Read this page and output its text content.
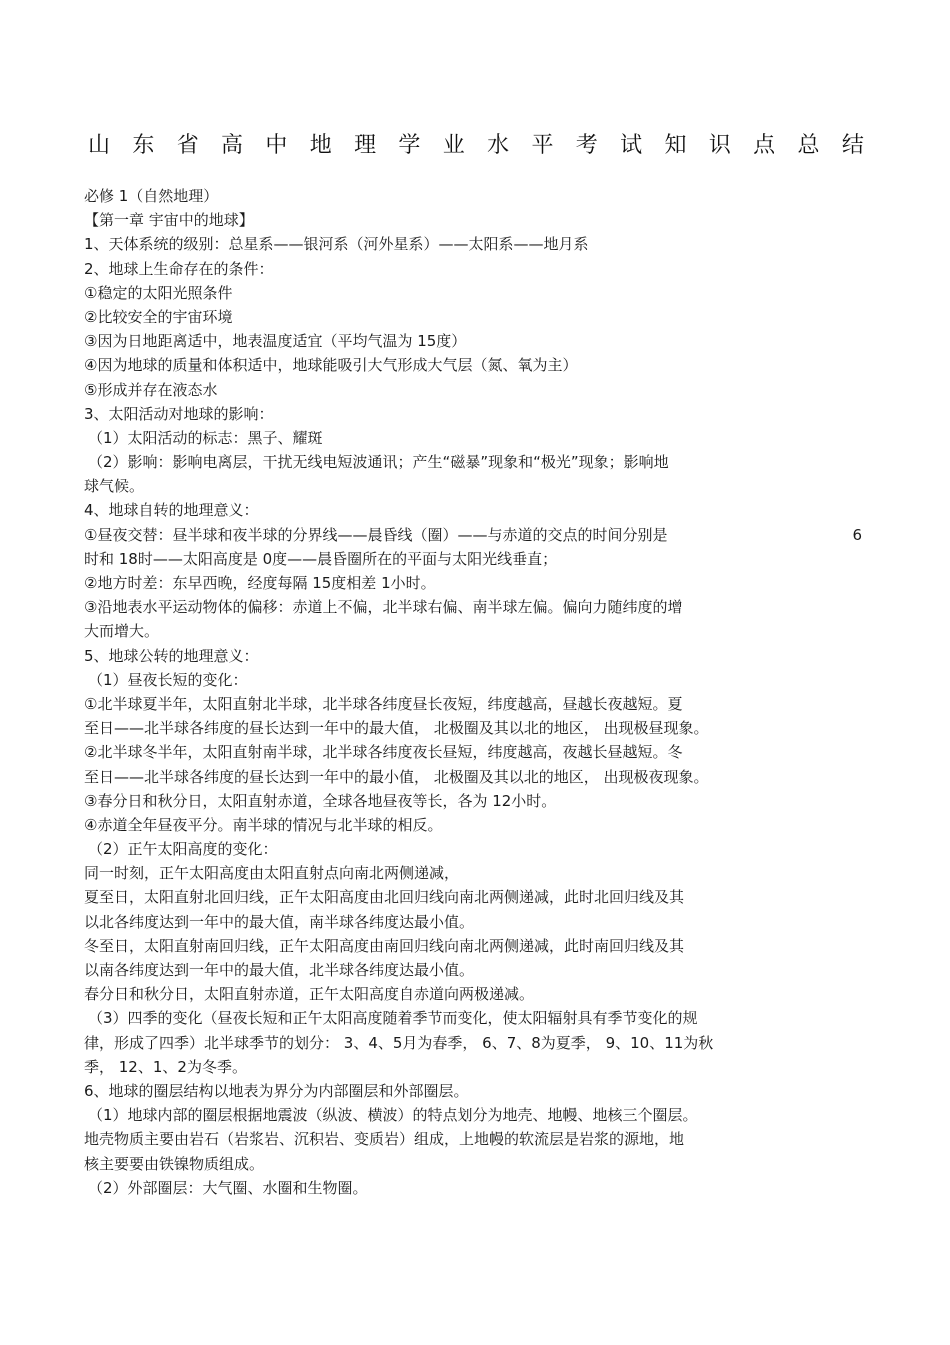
山 东 省 高 中 地 理 学 业 水 平 考 试 知 识 点 总 结
必修 1（自然地理）
【第一章 宇宙中的地球】
1、天体系统的级别：总星系——银河系（河外星系）——太阳系——地月系
2、地球上生命存在的条件：
①稳定的太阳光照条件
②比较安全的宇宙环境
③因为日地距离适中，地表温度适宜（平均气温为 15度）
④因为地球的质量和体积适中，地球能吸引大气形成大气层（氮、氧为主）
⑤形成并存在液态水
3、太阳活动对地球的影响：
（1）太阳活动的标志：黑子、耀斑
（2）影响：影响电离层，干扰无线电短波通讯；产生“磁暴”现象和“极光”现象；影响地
球气候。
4、地球自转的地理意义：
①昼夜交替：昼半球和夜半球的分界线——晨昏线（圈）——与赤道的交点的时间分别是	6
时和 18时——太阳高度是 0度——晨昏圈所在的平面与太阳光线垂直；
②地方时差：东早西晚，经度每隔 15度相差 1小时。
③沿地表水平运动物体的偏移：赤道上不偏，北半球右偏、南半球左偏。偏向力随纬度的增
大而增大。
5、地球公转的地理意义：
（1）昼夜长短的变化：
①北半球夏半年，太阳直射北半球，北半球各纬度昼长夜短，纬度越高，昼越长夜越短。夏
至日——北半球各纬度的昼长达到一年中的最大值， 北极圈及其以北的地区， 出现极昼现象。
②北半球冬半年，太阳直射南半球，北半球各纬度夜长昼短，纬度越高，夜越长昼越短。冬
至日——北半球各纬度的昼长达到一年中的最小值， 北极圈及其以北的地区， 出现极夜现象。
③春分日和秋分日，太阳直射赤道，全球各地昼夜等长，各为 12小时。
④赤道全年昼夜平分。南半球的情况与北半球的相反。
（2）正午太阳高度的变化：
同一时刻，正午太阳高度由太阳直射点向南北两侧递减，
夏至日，太阳直射北回归线，正午太阳高度由北回归线向南北两侧递减，此时北回归线及其
以北各纬度达到一年中的最大值，南半球各纬度达最小值。
冬至日，太阳直射南回归线，正午太阳高度由南回归线向南北两侧递减，此时南回归线及其
以南各纬度达到一年中的最大值，北半球各纬度达最小值。
春分日和秋分日，太阳直射赤道，正午太阳高度自赤道向两极递减。
（3）四季的变化（昼夜长短和正午太阳高度随着季节而变化，使太阳辐射具有季节变化的规
律，形成了四季）北半球季节的划分： 3、4、5月为春季， 6、7、8为夏季， 9、10、11为秋
季， 12、1、2为冬季。
6、地球的圈层结构以地表为界分为内部圈层和外部圈层。
（1）地球内部的圈层根据地震波（纵波、横波）的特点划分为地壳、地幔、地核三个圈层。
地壳物质主要由岩石（岩浆岩、沉积岩、变质岩）组成，上地幔的软流层是岩浆的源地，地
核主要要由铁镍物质组成。
（2）外部圈层：大气圈、水圈和生物圈。
